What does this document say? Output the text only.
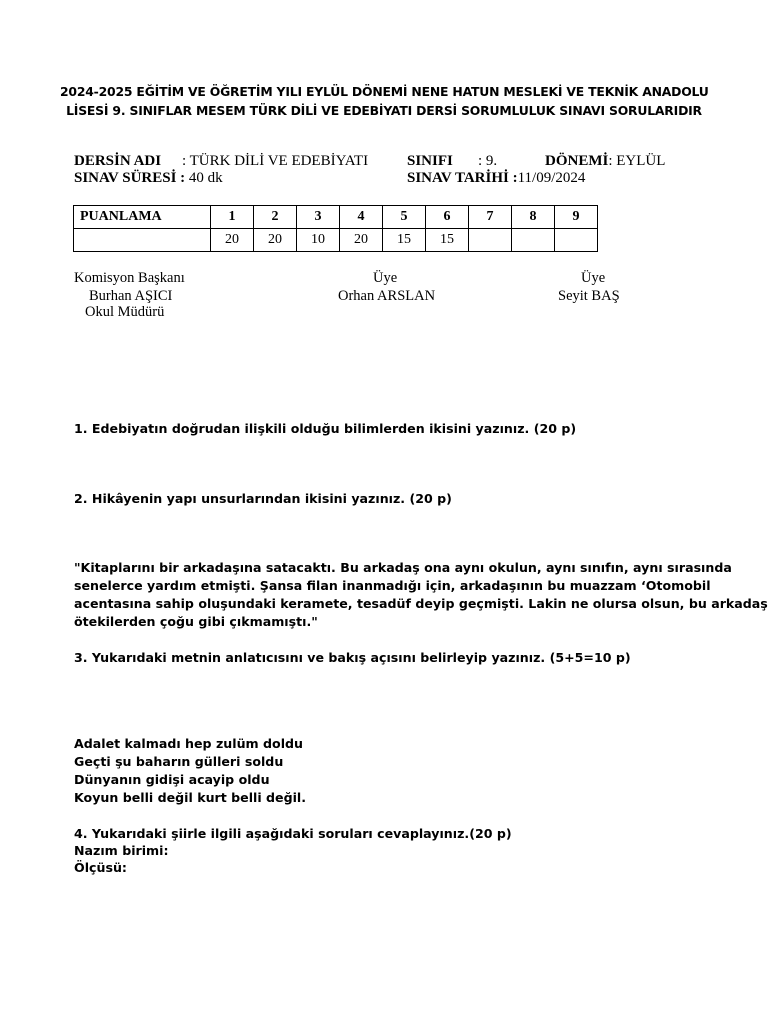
2024-2025 EĞİTİM VE ÖĞRETİM YILI EYLÜL DÖNEMİ NENE HATUN MESLEKİ VE TEKNİK ANADOLU
LİSESİ 9. SINIFLAR MESEM TÜRK DİLİ VE EDEBİYATI DERSİ SORUMLULUK SINAVI SORULARIDIR
DERSİN ADI : TÜRK DİLİ VE EDEBİYATI	SINIFI : 9.	DÖNEMİ: EYLÜL
SINAV SÜRESİ : 40 dk	SINAV TARİHİ :11/09/2024
PUANLAMA	1	2	3	4	5	6	7	8	9
	20	20	10	20	15	15			
Komisyon Başkanı
Burhan AŞICI
Okul Müdürü
Üye
Orhan ARSLAN
Üye
Seyit BAŞ
1. Edebiyatın doğrudan ilişkili olduğu bilimlerden ikisini yazınız. (20 p)
2. Hikâyenin yapı unsurlarından ikisini yazınız. (20 p)
"Kitaplarını bir arkadaşına satacaktı. Bu arkadaş ona aynı okulun, aynı sınıfın, aynı sırasında
senelerce yardım etmişti. Şansa filan inanmadığı için, arkadaşının bu muazzam ‘Otomobil
acentasına sahip oluşundaki keramete, tesadüf deyip geçmişti. Lakin ne olursa olsun, bu arkadaş
ötekilerden çoğu gibi çıkmamıştı."
3. Yukarıdaki metnin anlatıcısını ve bakış açısını belirleyip yazınız. (5+5=10 p)
Adalet kalmadı hep zulüm doldu
Geçti şu baharın gülleri soldu
Dünyanın gidişi acayip oldu
Koyun belli değil kurt belli değil.
4. Yukarıdaki şiirle ilgili aşağıdaki soruları cevaplayınız.(20 p)
Nazım birimi:
Ölçüsü:
